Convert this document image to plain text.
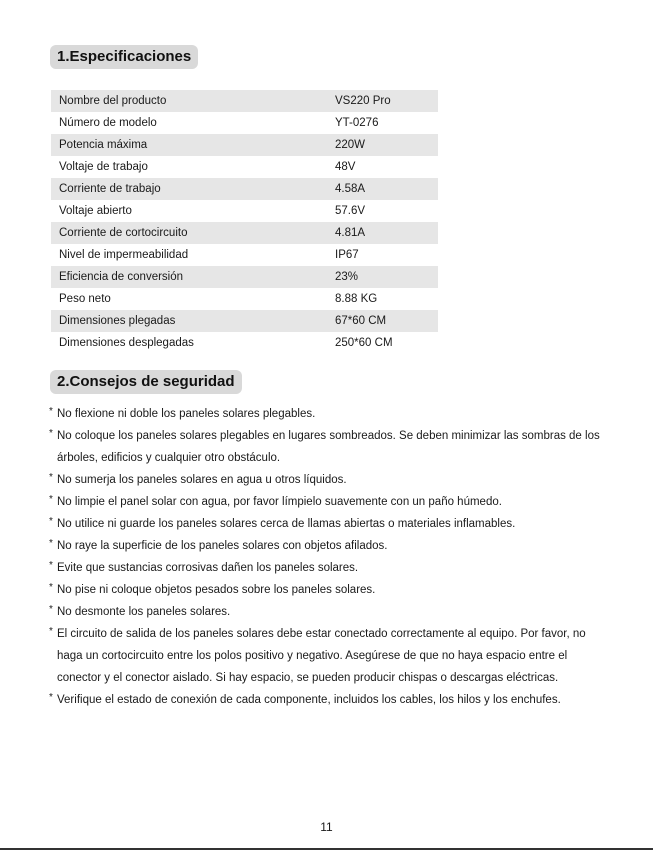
1.Especificaciones
Nombre del producto	VS220 Pro
Número de modelo	YT-0276
Potencia máxima	220W
Voltaje de trabajo	48V
Corriente de trabajo	4.58A
Voltaje abierto	57.6V
Corriente de cortocircuito	4.81A
Nivel de impermeabilidad	IP67
Eficiencia de conversión	23%
Peso neto	8.88 KG
Dimensiones plegadas	67*60 CM
Dimensiones desplegadas	250*60 CM
2.Consejos de seguridad
* No flexione ni doble los paneles solares plegables.
* No coloque los paneles solares plegables en lugares sombreados. Se deben minimizar las sombras de los árboles, edificios y cualquier otro obstáculo.
* No sumerja los paneles solares en agua u otros líquidos.
* No limpie el panel solar con agua, por favor límpielo suavemente con un paño húmedo.
* No utilice ni guarde los paneles solares cerca de llamas abiertas o materiales inflamables.
* No raye la superficie de los paneles solares con objetos afilados.
* Evite que sustancias corrosivas dañen los paneles solares.
* No pise ni coloque objetos pesados sobre los paneles solares.
* No desmonte los paneles solares.
* El circuito de salida de los paneles solares debe estar conectado correctamente al equipo. Por favor, no haga un cortocircuito entre los polos positivo y negativo. Asegúrese de que no haya espacio entre el conector y el conector aislado. Si hay espacio, se pueden producir chispas o descargas eléctricas.
* Verifique el estado de conexión de cada componente, incluidos los cables, los hilos y los enchufes.
11
